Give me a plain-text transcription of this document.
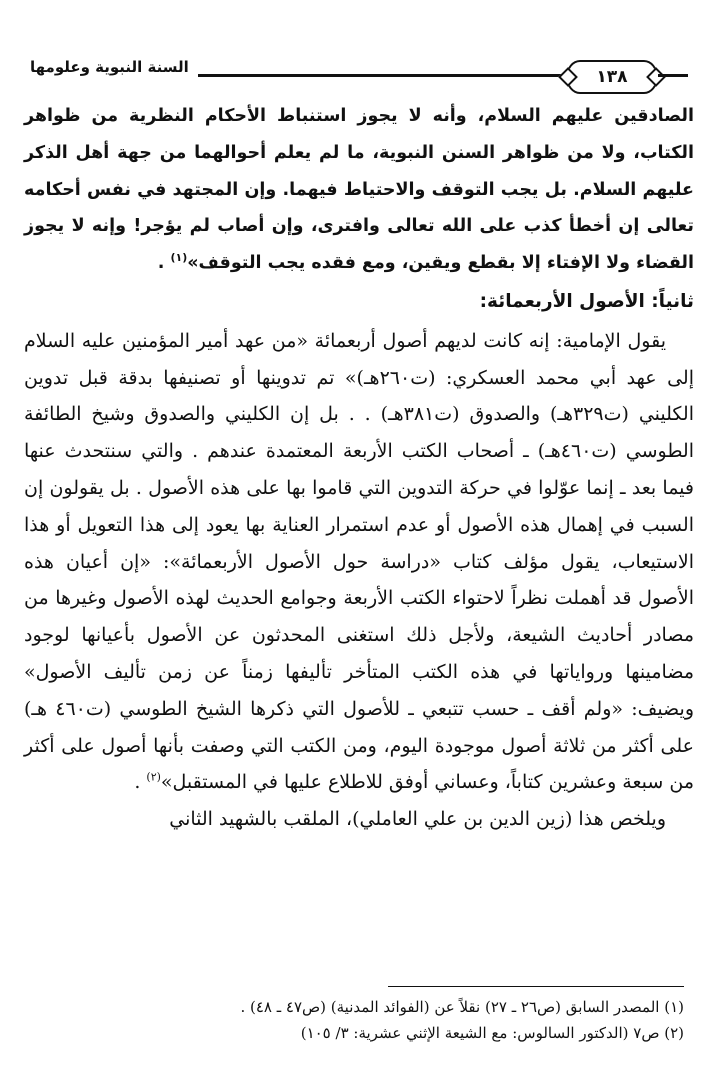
السنة النبوية وعلومها	١٣٨

الصادقين عليهم السلام، وأنه لا يجوز استنباط الأحكام النظرية من ظواهر الكتاب، ولا من ظواهر السنن النبوية، ما لم يعلم أحوالهما من جهة أهل الذكر عليهم السلام. بل يجب التوقف والاحتياط فيهما. وإن المجتهد في نفس أحكامه تعالى إن أخطأ كذب على الله تعالى وافترى، وإن أصاب لم يؤجر! وإنه لا يجوز القضاء ولا الإفتاء إلا بقطع ويقين، ومع فقده يجب التوقف»$^{(١)}$ .

ثانياً: الأصول الأربعمائة:

يقول الإمامية: إنه كانت لديهم أصول أربعمائة «من عهد أمير المؤمنين عليه السلام إلى عهد أبي محمد العسكري: (ت٢٦٠هـ)» تم تدوينها أو تصنيفها بدقة قبل تدوين الكليني (ت٣٢٩هـ) والصدوق (ت٣٨١هـ) . . بل إن الكليني والصدوق وشيخ الطائفة الطوسي (ت٤٦٠هـ) ـ أصحاب الكتب الأربعة المعتمدة عندهم . والتي سنتحدث عنها فيما بعد ـ إنما عوّلوا في حركة التدوين التي قاموا بها على هذه الأصول . بل يقولون إن السبب في إهمال هذه الأصول أو عدم استمرار العناية بها يعود إلى هذا التعويل أو هذا الاستيعاب، يقول مؤلف كتاب «دراسة حول الأصول الأربعمائة»: «إن أعيان هذه الأصول قد أهملت نظراً لاحتواء الكتب الأربعة وجوامع الحديث لهذه الأصول وغيرها من مصادر أحاديث الشيعة، ولأجل ذلك استغنى المحدثون عن الأصول بأعيانها لوجود مضامينها ورواياتها في هذه الكتب المتأخر تأليفها زمناً عن زمن تأليف الأصول» ويضيف: «ولم أقف ـ حسب تتبعي ـ للأصول التي ذكرها الشيخ الطوسي (ت٤٦٠ هـ) على أكثر من ثلاثة أصول موجودة اليوم، ومن الكتب التي وصفت بأنها أصول على أكثر من سبعة وعشرين كتاباً، وعساني أوفق للاطلاع عليها في المستقبل»$^{(٢)}$ .

ويلخص هذا (زين الدين بن علي العاملي)، الملقب بالشهيد الثاني

(١) المصدر السابق (ص٢٦ ـ ٢٧) نقلاً عن (الفوائد المدنية) (ص٤٧ ـ ٤٨) .

(٢) ص٧ (الدكتور السالوس: مع الشيعة الإثني عشرية: ٣/ ١٠٥)
